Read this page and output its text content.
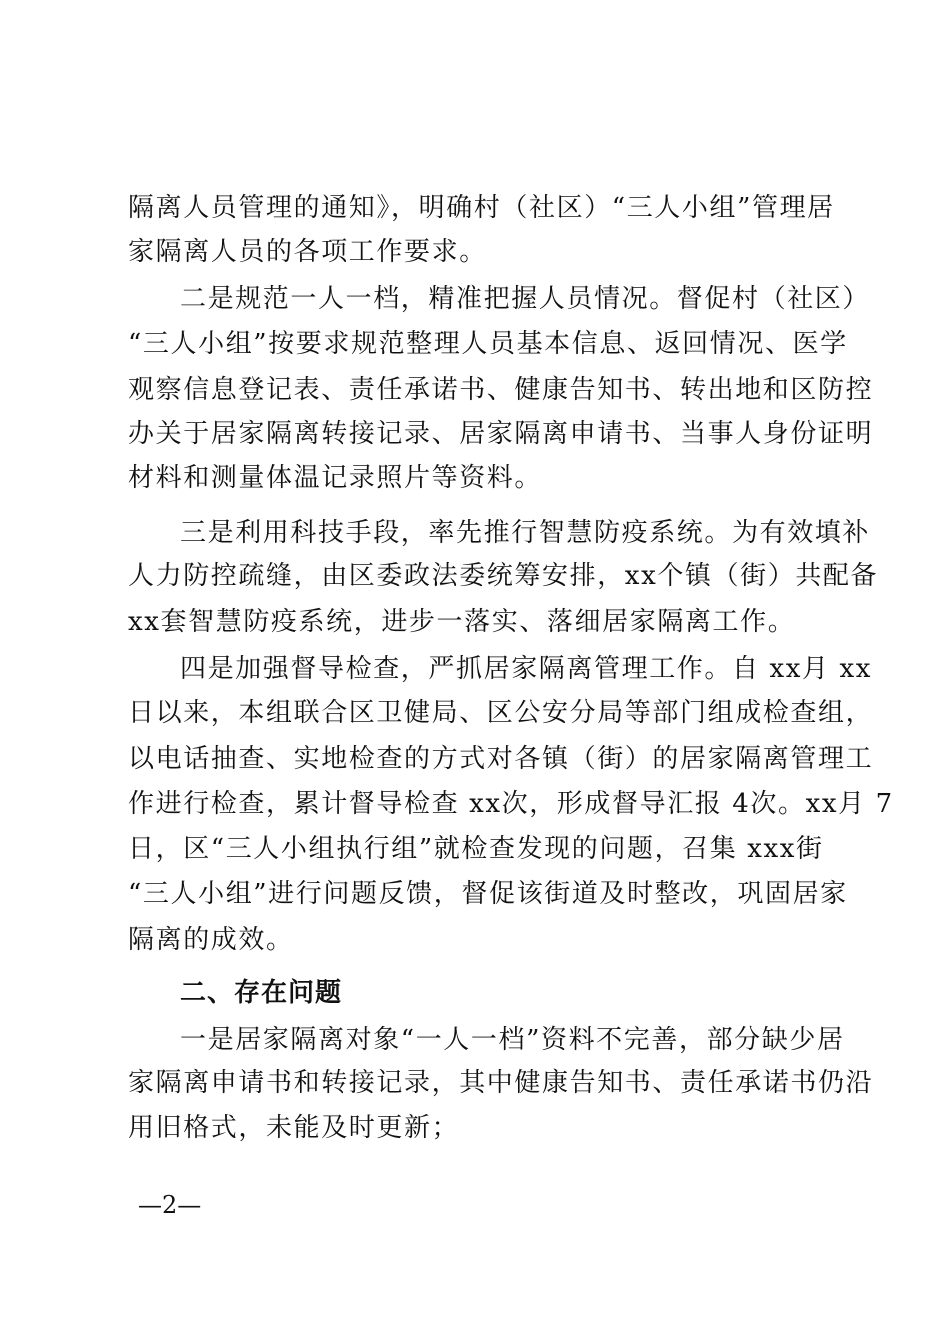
隔离人员管理的通知》，明确村（社区）“三人小组”管理居
家隔离人员的各项工作要求。
二是规范一人一档，精准把握人员情况。督促村（社区）
“三人小组”按要求规范整理人员基本信息、返回情况、医学
观察信息登记表、责任承诺书、健康告知书、转出地和区防控
办关于居家隔离转接记录、居家隔离申请书、当事人身份证明
材料和测量体温记录照片等资料。
三是利用科技手段，率先推行智慧防疫系统。为有效填补
人力防控疏缝，由区委政法委统筹安排，xx个镇（街）共配备
xx套智慧防疫系统，进步一落实、落细居家隔离工作。
四是加强督导检查，严抓居家隔离管理工作。自 xx月 xx
日以来，本组联合区卫健局、区公安分局等部门组成检查组，
以电话抽查、实地检查的方式对各镇（街）的居家隔离管理工
作进行检查，累计督导检查 xx次，形成督导汇报 4次。xx月 7
日，区“三人小组执行组”就检查发现的问题，召集 xxx街
“三人小组”进行问题反馈，督促该街道及时整改，巩固居家
隔离的成效。
二、存在问题
一是居家隔离对象“一人一档”资料不完善，部分缺少居
家隔离申请书和转接记录，其中健康告知书、责任承诺书仍沿
用旧格式，未能及时更新；
—2—
